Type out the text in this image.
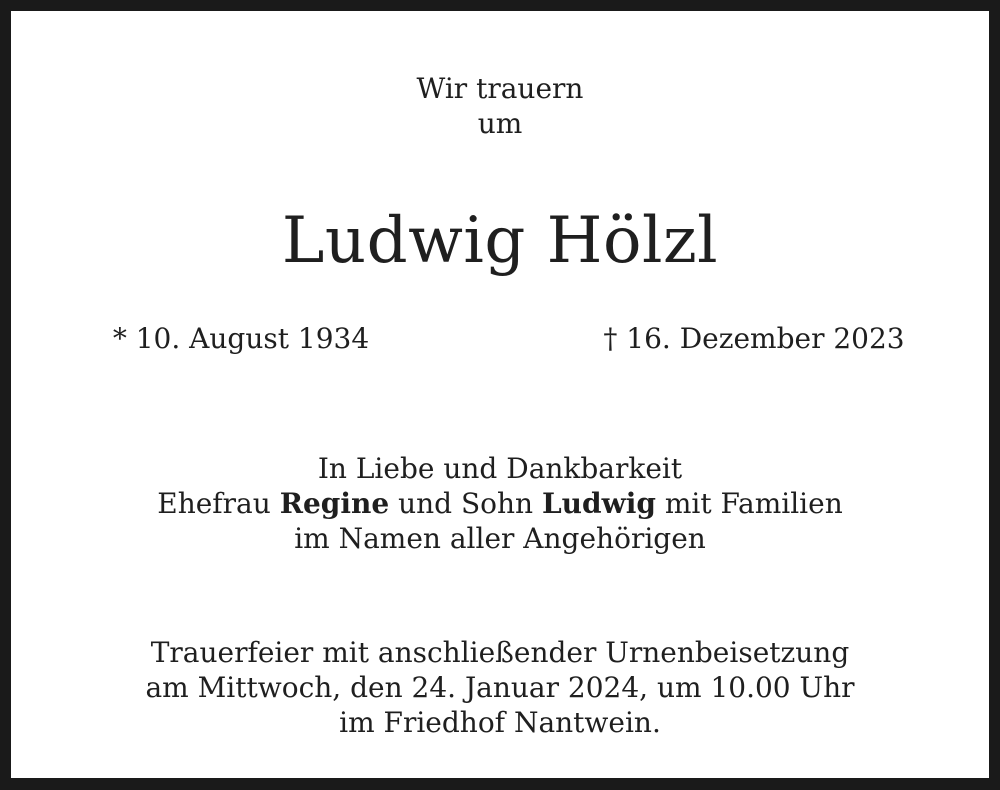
Wir trauern
um
Ludwig Hölzl
* 10. August 1934	† 16. Dezember 2023
In Liebe und Dankbarkeit
Ehefrau Regine und Sohn Ludwig mit Familien
im Namen aller Angehörigen
Trauerfeier mit anschließender Urnenbeisetzung
am Mittwoch, den 24. Januar 2024, um 10.00 Uhr
im Friedhof Nantwein.
